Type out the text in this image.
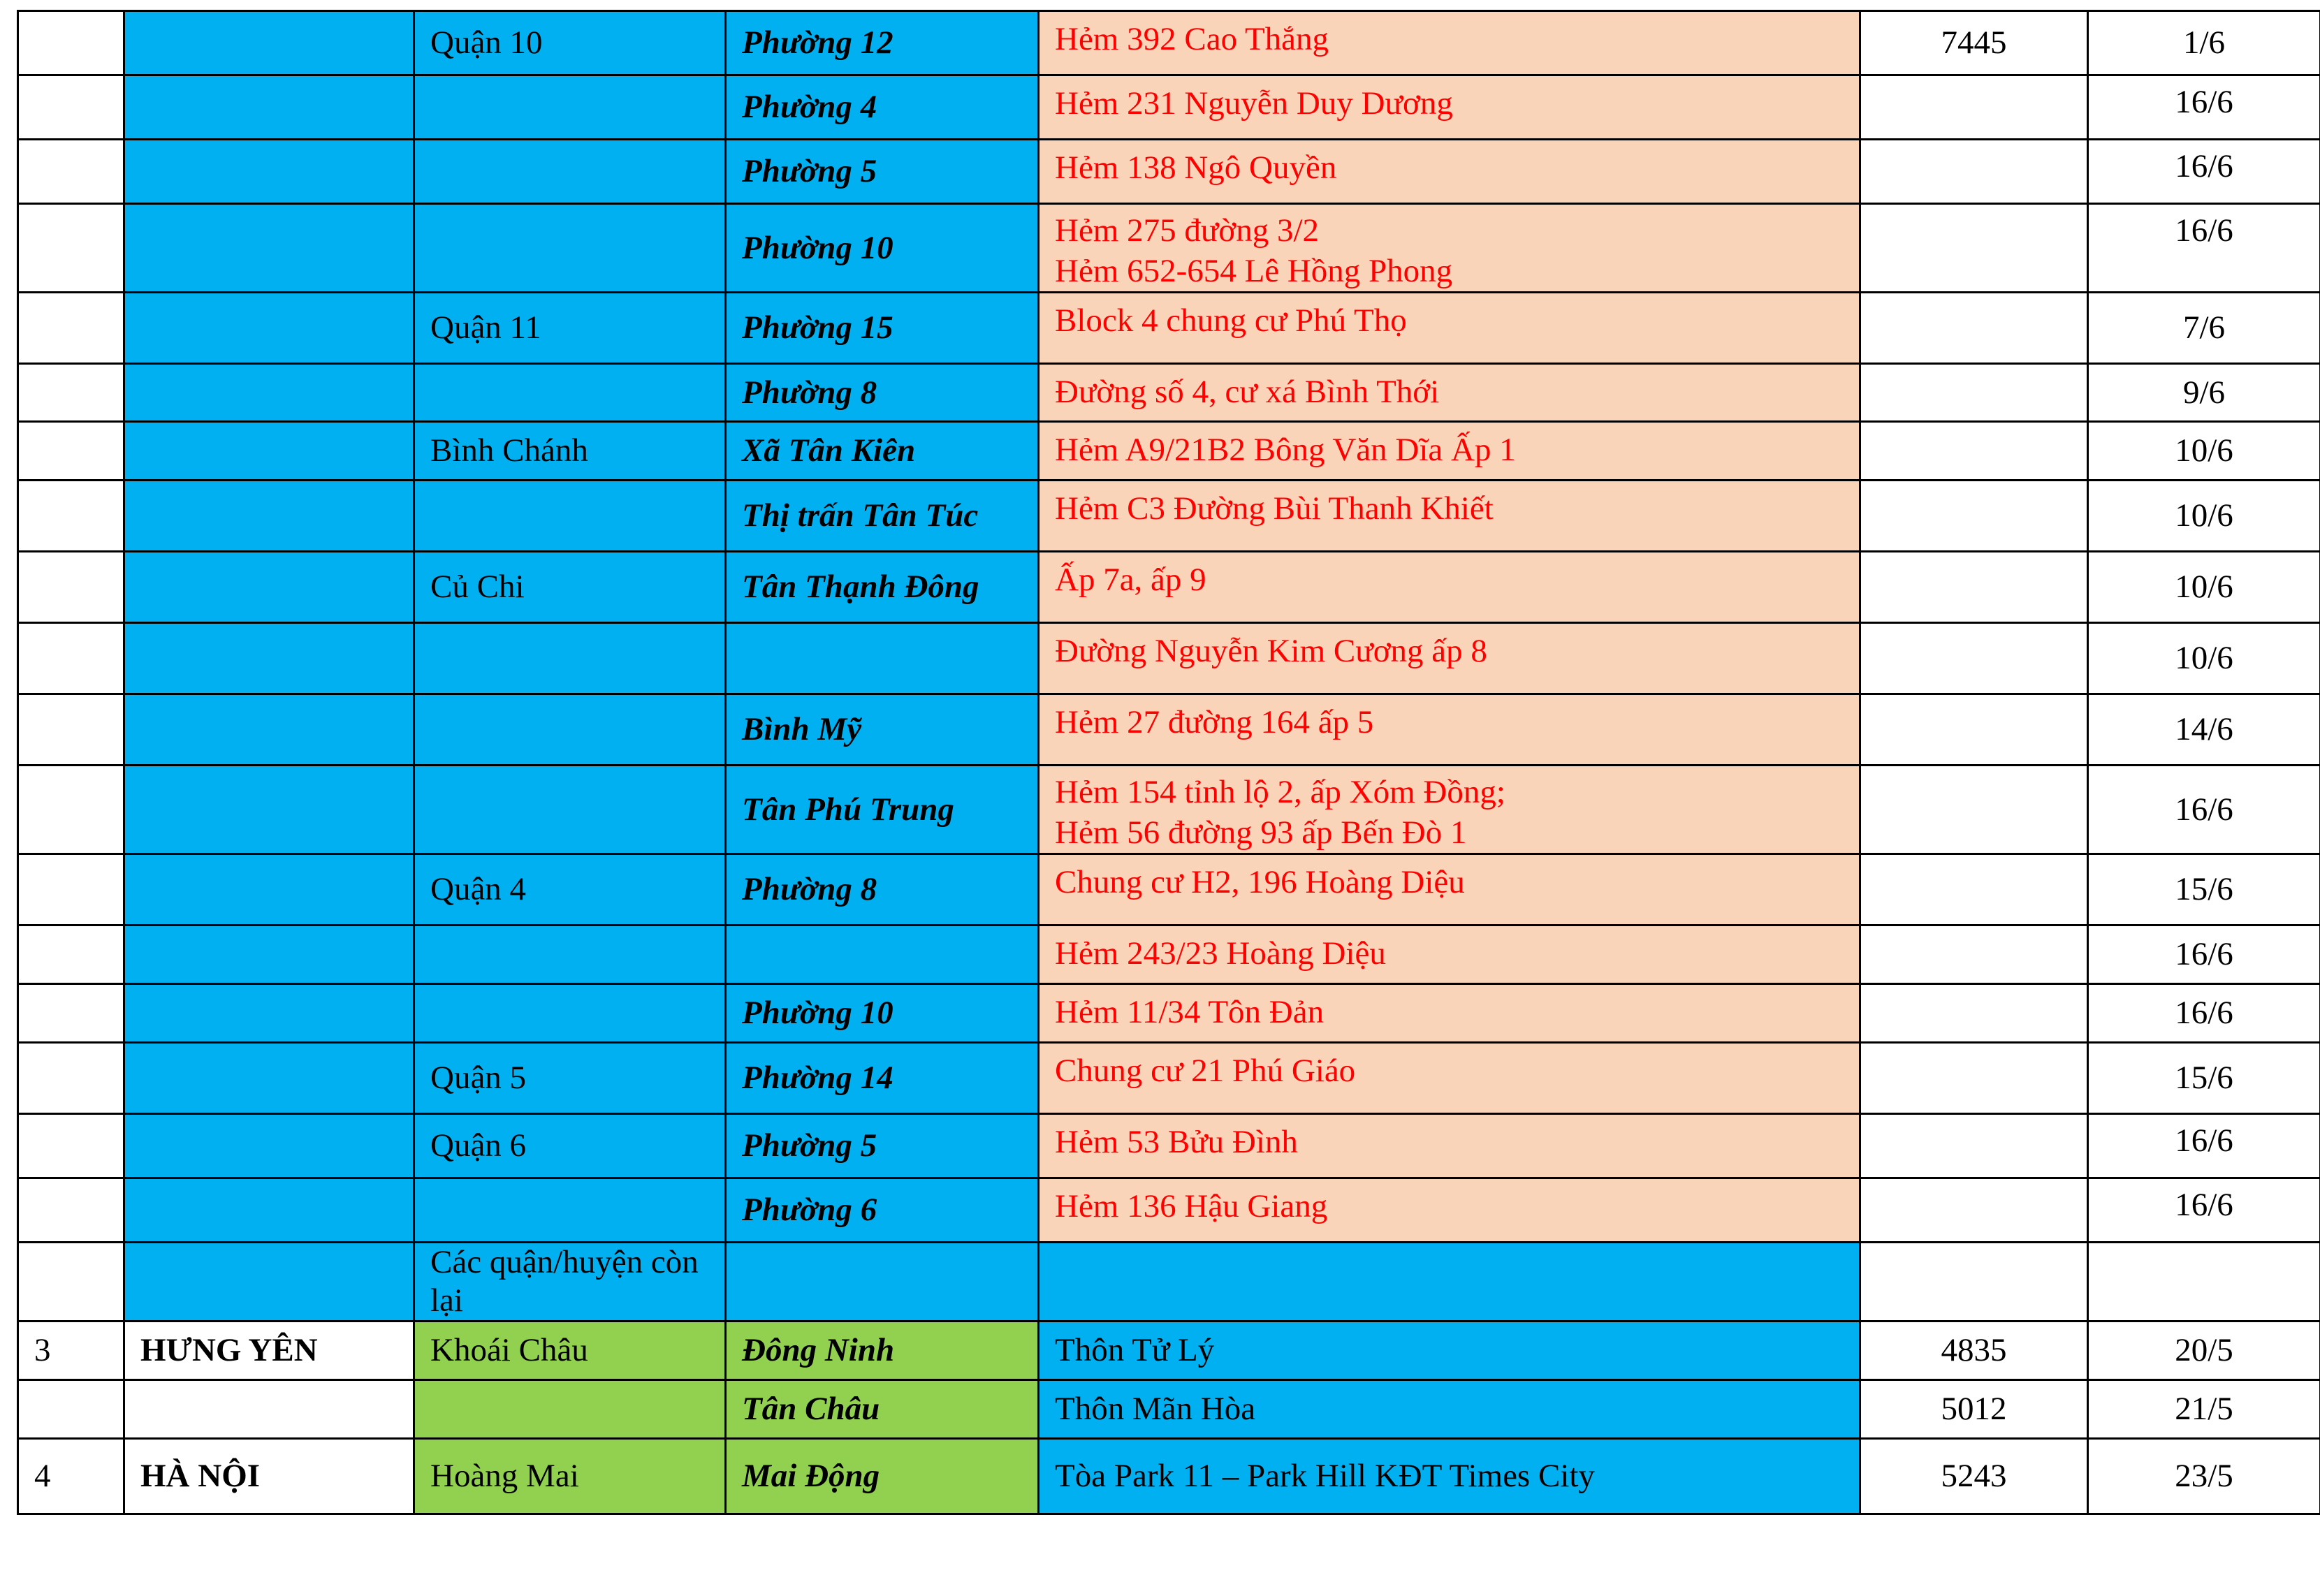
		Quận 10	Phường 12	Hẻm 392 Cao Thắng	7445	1/6
			Phường 4	Hẻm 231 Nguyễn Duy Dương		16/6
			Phường 5	Hẻm 138 Ngô Quyền		16/6
			Phường 10	Hẻm 275 đường 3/2
Hẻm 652-654 Lê Hồng Phong		16/6
		Quận 11	Phường 15	Block 4 chung cư Phú Thọ		7/6
			Phường 8	Đường số 4, cư xá Bình Thới		9/6
		Bình Chánh	Xã Tân Kiên	Hẻm A9/21B2 Bông Văn Dĩa Ấp 1		10/6
			Thị trấn Tân Túc	Hẻm C3 Đường Bùi Thanh Khiết		10/6
		Củ Chi	Tân Thạnh Đông	Ấp 7a, ấp 9		10/6

				Đường Nguyễn Kim Cương ấp 8		10/6
			Bình Mỹ	Hẻm 27 đường 164 ấp 5		14/6
			Tân Phú Trung	Hẻm 154 tỉnh lộ 2, ấp Xóm Đồng;
Hẻm 56 đường 93 ấp Bến Đò 1		16/6
		Quận 4	Phường 8	Chung cư H2, 196 Hoàng Diệu		15/6

				Hẻm 243/23 Hoàng Diệu		16/6
			Phường 10	Hẻm 11/34 Tôn Đản		16/6
		Quận 5	Phường 14	Chung cư 21 Phú Giáo		15/6
		Quận 6	Phường 5	Hẻm 53 Bửu Đình		16/6
			Phường 6	Hẻm 136 Hậu Giang		16/6
		Các quận/huyện còn lại		

3	HƯNG YÊN	Khoái Châu	Đông Ninh	Thôn Tử Lý	4835	20/5
			Tân Châu	Thôn Mãn Hòa	5012	21/5
4	HÀ NỘI	Hoàng Mai	Mai Động	Tòa Park 11 – Park Hill KĐT Times City	5243	23/5
